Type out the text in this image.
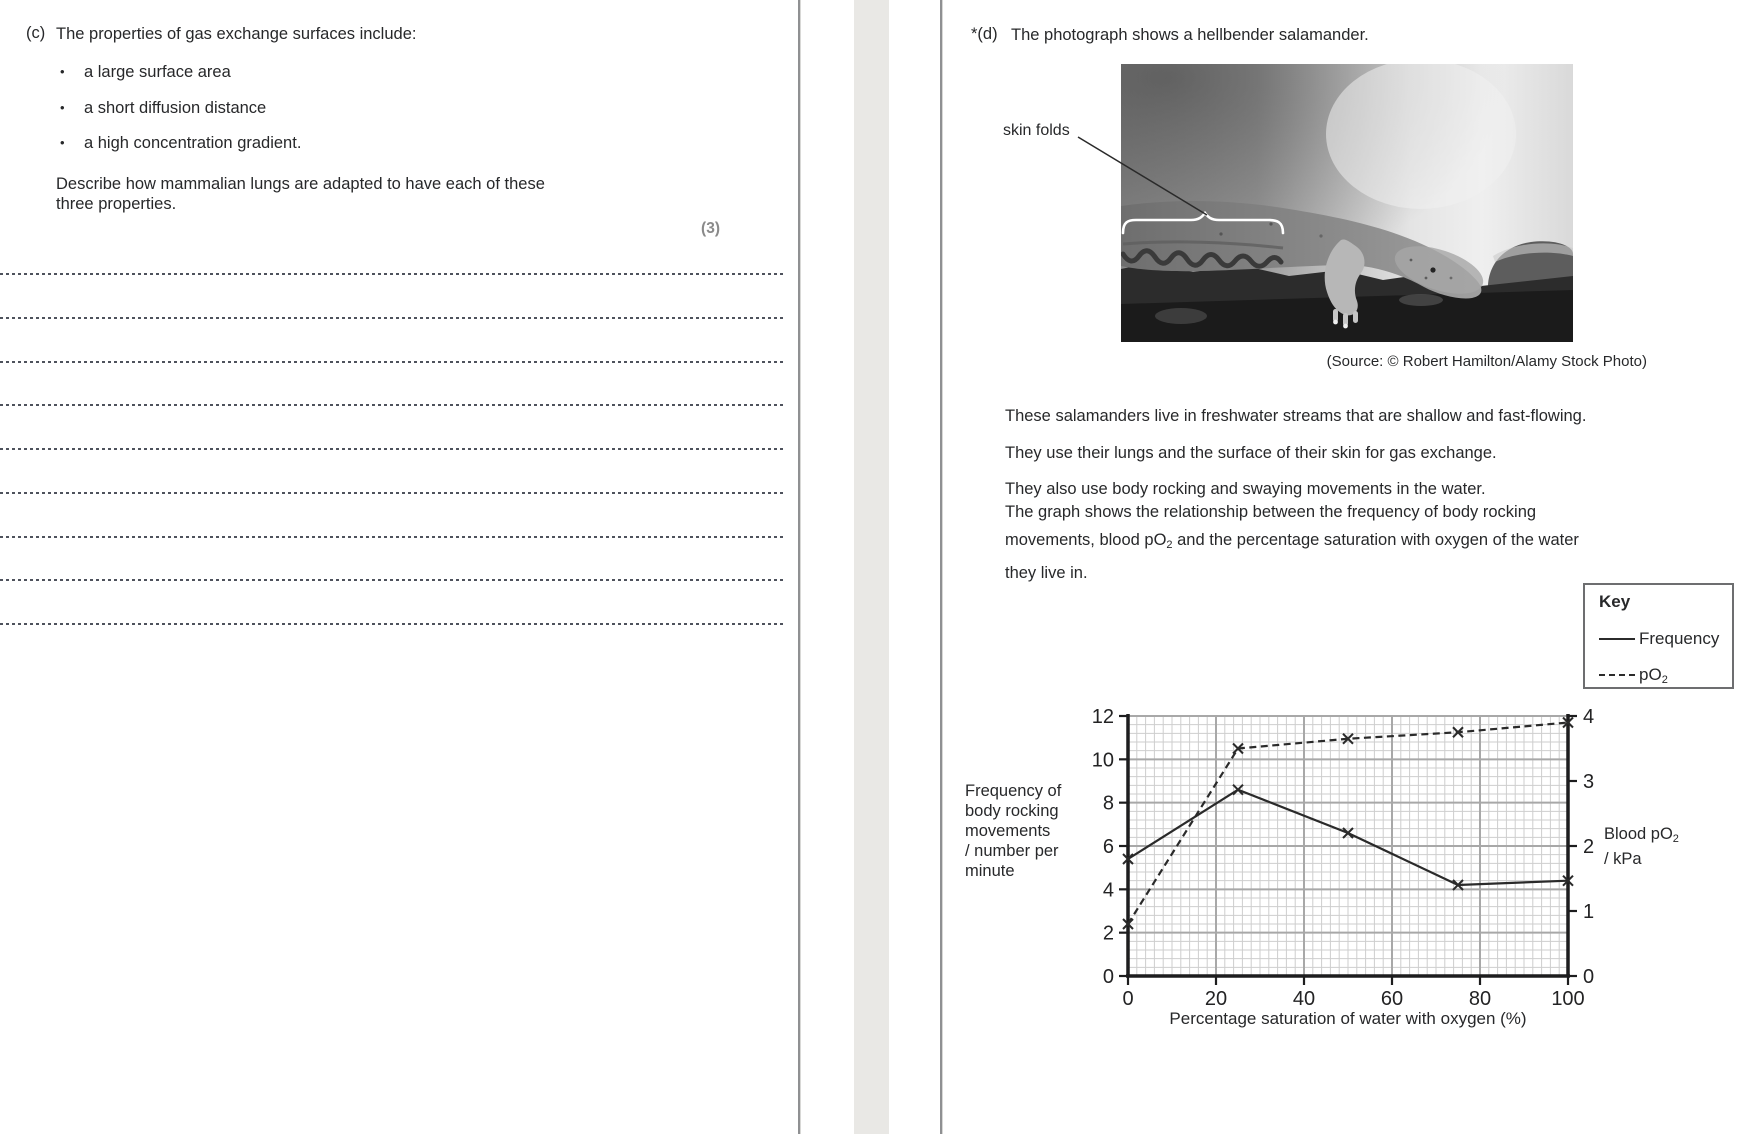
(c) The properties of gas exchange surfaces include:
• a large surface area
• a short diffusion distance
• a high concentration gradient.
Describe how mammalian lungs are adapted to have each of these
three properties.
(3)
*(d) The photograph shows a hellbender salamander.
skin folds
(Source: © Robert Hamilton/Alamy Stock Photo)

These salamanders live in freshwater streams that are shallow and fast-flowing.

They use their lungs and the surface of their skin for gas exchange.

They also use body rocking and swaying movements in the water.

The graph shows the relationship between the frequency of body rocking
movements, blood $pO_2$ and the percentage saturation with oxygen of the water
they live in.
Key
Frequency
$pO_2$
Frequency of
body rocking
movements
/ number per
minute
Blood $pO_2$
/ kPa
0
2
4
6
8
10
12
0
1
2
3
4
0	20	40	60	80	100
Percentage saturation of water with oxygen (%)
